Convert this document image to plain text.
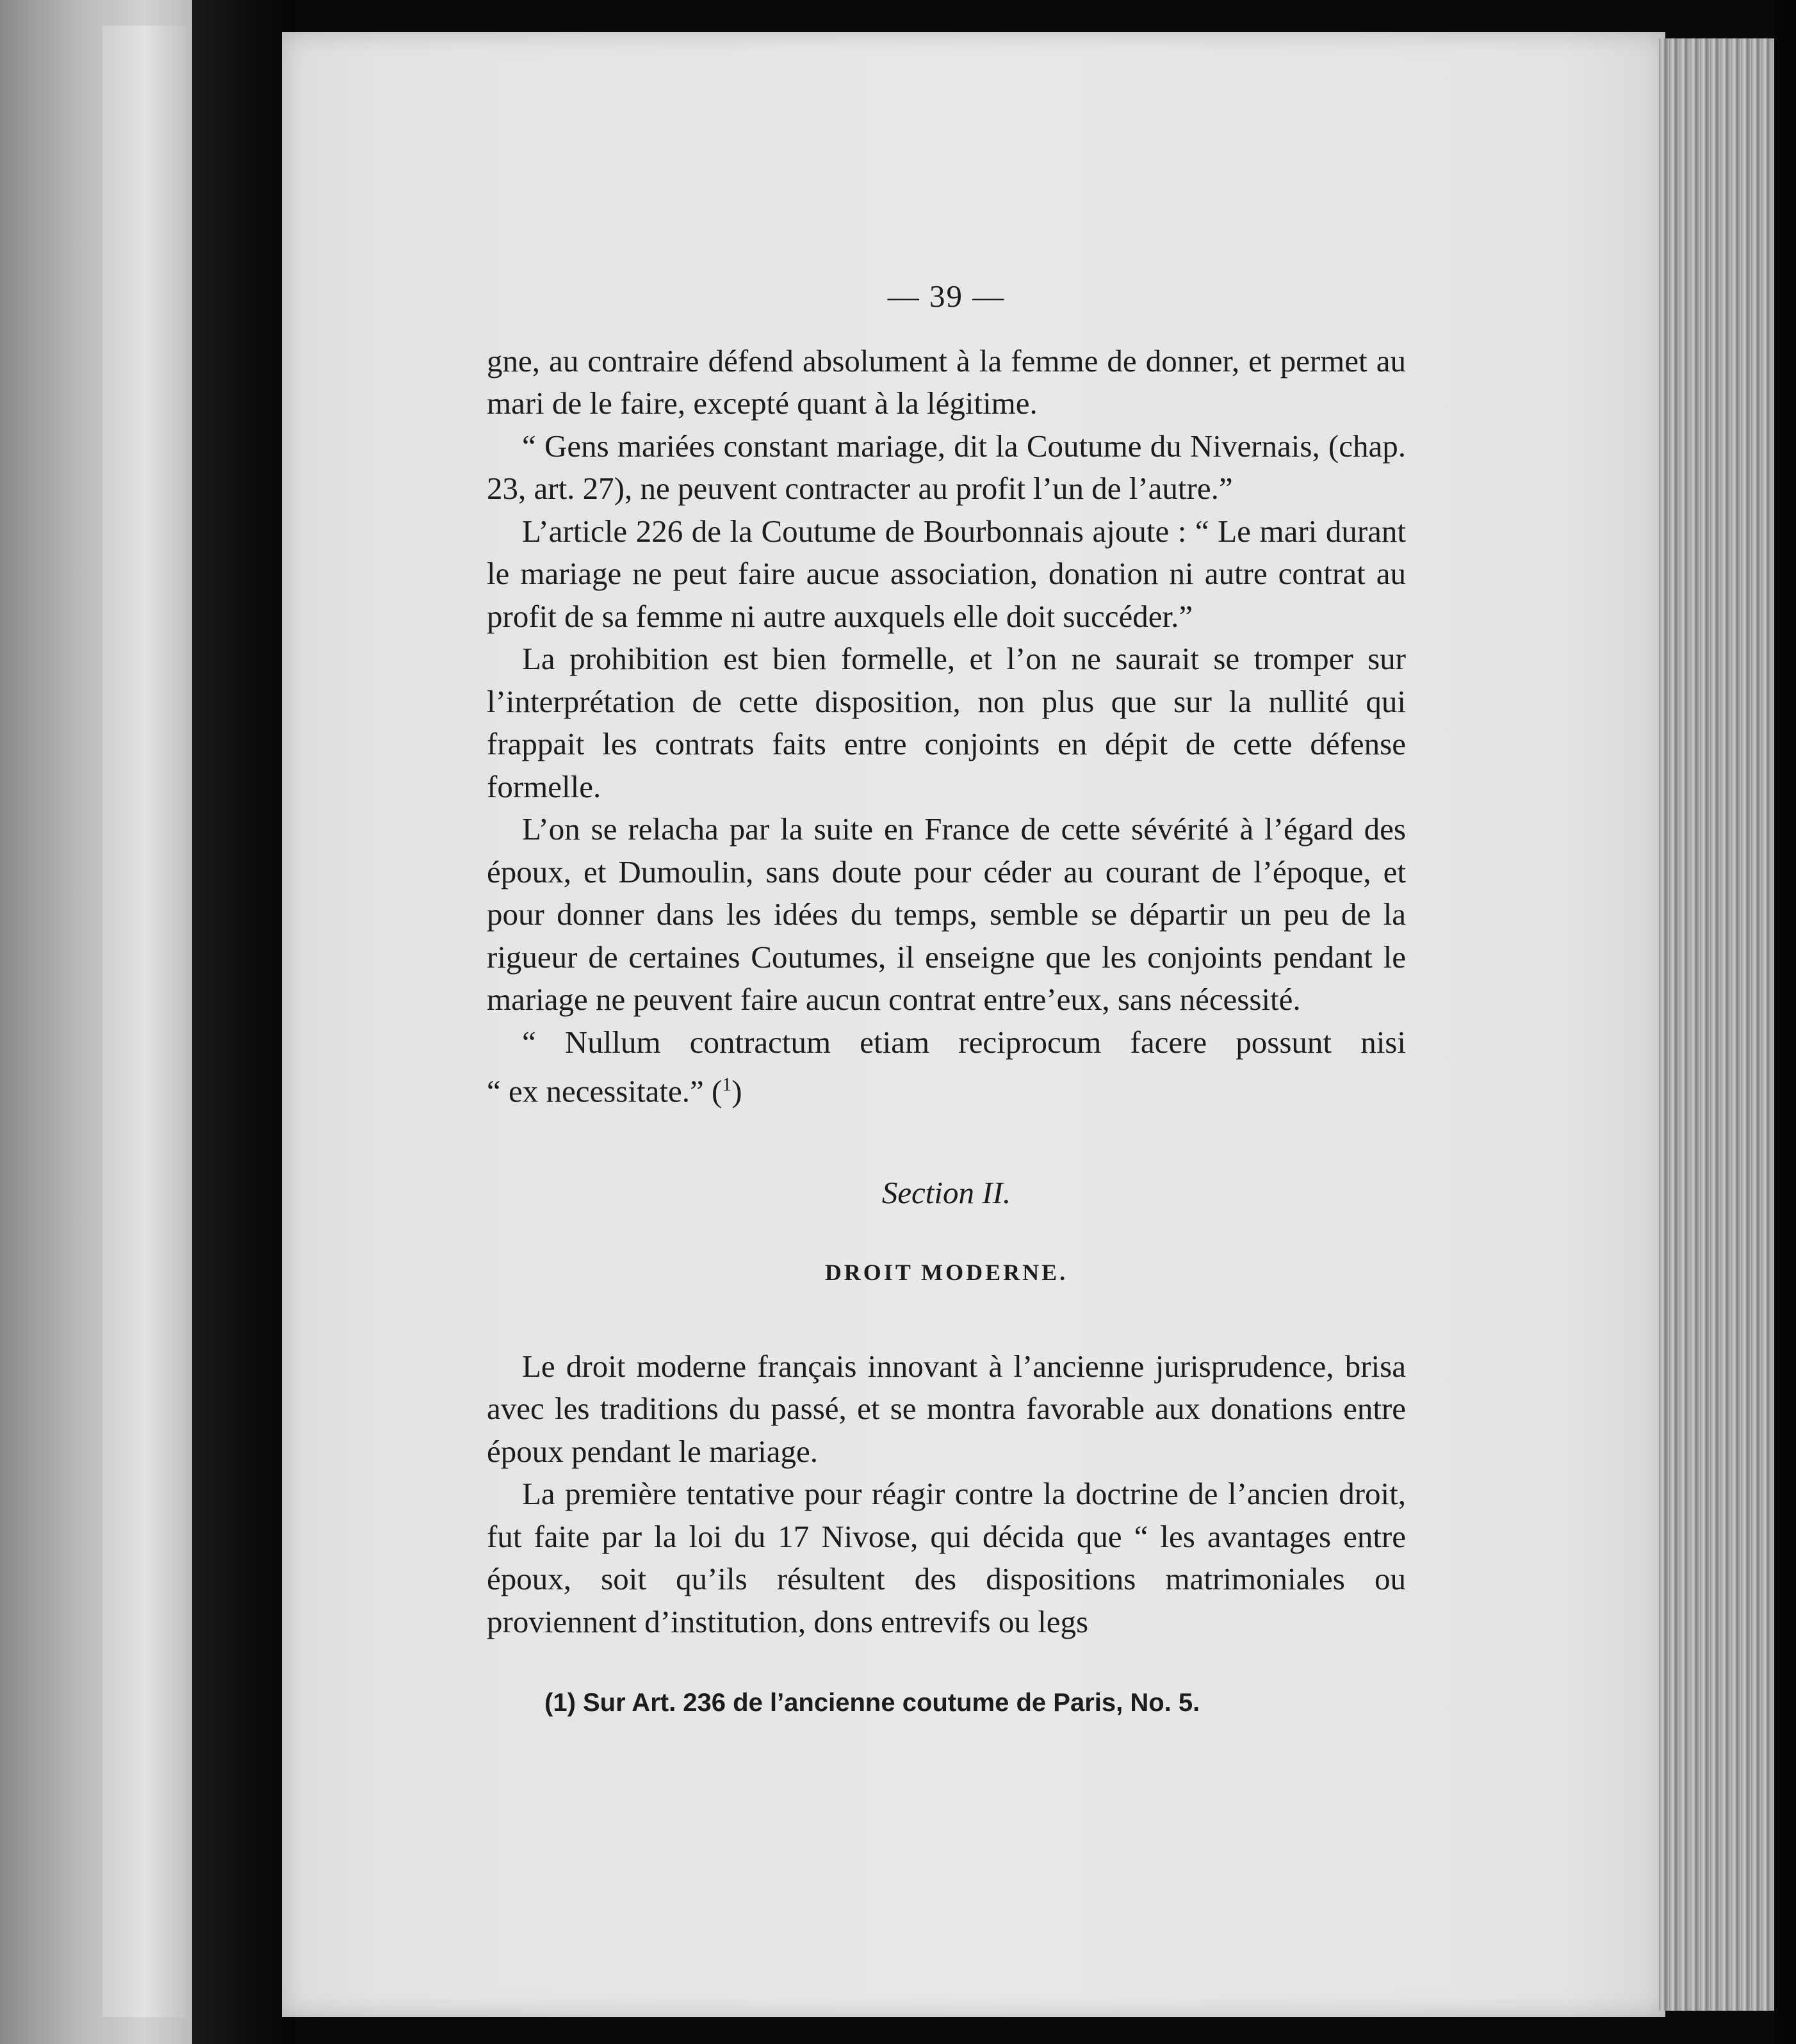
— 39 —

gne, au contraire défend absolument à la femme de donner, et permet au mari de le faire, excepté quant à la légitime.

“ Gens mariées constant mariage, dit la Coutume du Nivernais, (chap. 23, art. 27), ne peuvent contracter au profit l’un de l’autre.”

L’article 226 de la Coutume de Bourbonnais ajoute : “ Le mari durant le mariage ne peut faire aucue association, donation ni autre contrat au profit de sa femme ni autre auxquels elle doit succéder.”

La prohibition est bien formelle, et l’on ne saurait se tromper sur l’interprétation de cette disposition, non plus que sur la nullité qui frappait les contrats faits entre conjoints en dépit de cette défense formelle.

L’on se relacha par la suite en France de cette sévérité à l’égard des époux, et Dumoulin, sans doute pour céder au courant de l’époque, et pour donner dans les idées du temps, semble se départir un peu de la rigueur de certaines Coutumes, il enseigne que les conjoints pendant le mariage ne peuvent faire aucun contrat entre’eux, sans nécessité.

“ Nullum contractum etiam reciprocum facere possunt nisi

“ ex necessitate.” ($^1$)

Section II.
DROIT MODERNE.

Le droit moderne français innovant à l’ancienne jurisprudence, brisa avec les traditions du passé, et se montra favorable aux donations entre époux pendant le mariage.

La première tentative pour réagir contre la doctrine de l’ancien droit, fut faite par la loi du 17 Nivose, qui décida que “ les avantages entre époux, soit qu’ils résultent des dispositions matrimoniales ou proviennent d’institution, dons entrevifs ou legs

(1) Sur Art. 236 de l’ancienne coutume de Paris, No. 5.
